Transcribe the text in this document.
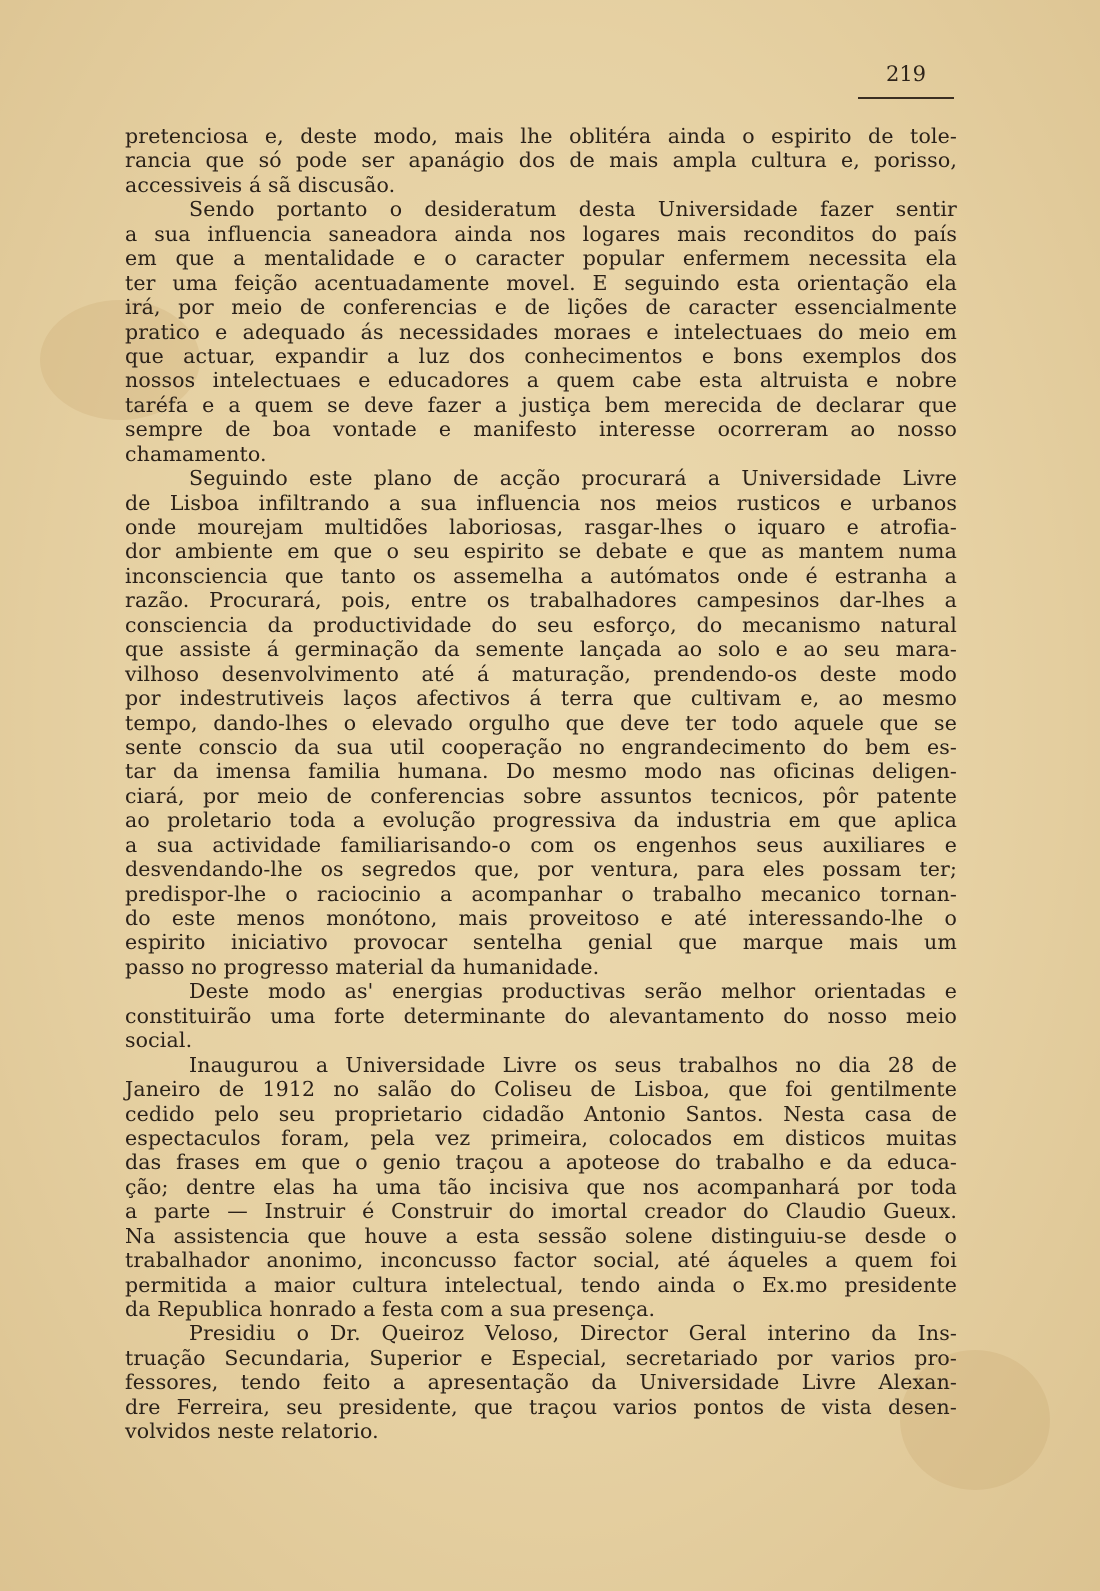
219
pretenciosa e, deste modo, mais lhe oblitéra ainda o espirito de tole-
rancia que só pode ser apanágio dos de mais ampla cultura e, porisso,
accessiveis á sã discusão.
Sendo portanto o desideratum desta Universidade fazer sentir
a sua influencia saneadora ainda nos logares mais reconditos do país
em que a mentalidade e o caracter popular enfermem necessita ela
ter uma feição acentuadamente movel. E seguindo esta orientação ela
irá, por meio de conferencias e de lições de caracter essencialmente
pratico e adequado ás necessidades moraes e intelectuaes do meio em
que actuar, expandir a luz dos conhecimentos e bons exemplos dos
nossos intelectuaes e educadores a quem cabe esta altruista e nobre
taréfa e a quem se deve fazer a justiça bem merecida de declarar que
sempre de boa vontade e manifesto interesse ocorreram ao nosso
chamamento.
Seguindo este plano de acção procurará a Universidade Livre
de Lisboa infiltrando a sua influencia nos meios rusticos e urbanos
onde mourejam multidões laboriosas, rasgar-lhes o iquaro e atrofia-
dor ambiente em que o seu espirito se debate e que as mantem numa
inconsciencia que tanto os assemelha a autómatos onde é estranha a
razão. Procurará, pois, entre os trabalhadores campesinos dar-lhes a
consciencia da productividade do seu esforço, do mecanismo natural
que assiste á germinação da semente lançada ao solo e ao seu mara-
vilhoso desenvolvimento até á maturação, prendendo-os deste modo
por indestrutiveis laços afectivos á terra que cultivam e, ao mesmo
tempo, dando-lhes o elevado orgulho que deve ter todo aquele que se
sente conscio da sua util cooperação no engrandecimento do bem es-
tar da imensa familia humana. Do mesmo modo nas oficinas deligen-
ciará, por meio de conferencias sobre assuntos tecnicos, pôr patente
ao proletario toda a evolução progressiva da industria em que aplica
a sua actividade familiarisando-o com os engenhos seus auxiliares e
desvendando-lhe os segredos que, por ventura, para eles possam ter;
predispor-lhe o raciocinio a acompanhar o trabalho mecanico tornan-
do este menos monótono, mais proveitoso e até interessando-lhe o
espirito iniciativo provocar sentelha genial que marque mais um
passo no progresso material da humanidade.
Deste modo as' energias productivas serão melhor orientadas e
constituirão uma forte determinante do alevantamento do nosso meio
social.
Inaugurou a Universidade Livre os seus trabalhos no dia 28 de
Janeiro de 1912 no salão do Coliseu de Lisboa, que foi gentilmente
cedido pelo seu proprietario cidadão Antonio Santos. Nesta casa de
espectaculos foram, pela vez primeira, colocados em disticos muitas
das frases em que o genio traçou a apoteose do trabalho e da educa-
ção; dentre elas ha uma tão incisiva que nos acompanhará por toda
a parte — Instruir é Construir do imortal creador do Claudio Gueux.
Na assistencia que houve a esta sessão solene distinguiu-se desde o
trabalhador anonimo, inconcusso factor social, até áqueles a quem foi
permitida a maior cultura intelectual, tendo ainda o Ex.mo presidente
da Republica honrado a festa com a sua presença.
Presidiu o Dr. Queiroz Veloso, Director Geral interino da Ins-
truação Secundaria, Superior e Especial, secretariado por varios pro-
fessores, tendo feito a apresentação da Universidade Livre Alexan-
dre Ferreira, seu presidente, que traçou varios pontos de vista desen-
volvidos neste relatorio.
